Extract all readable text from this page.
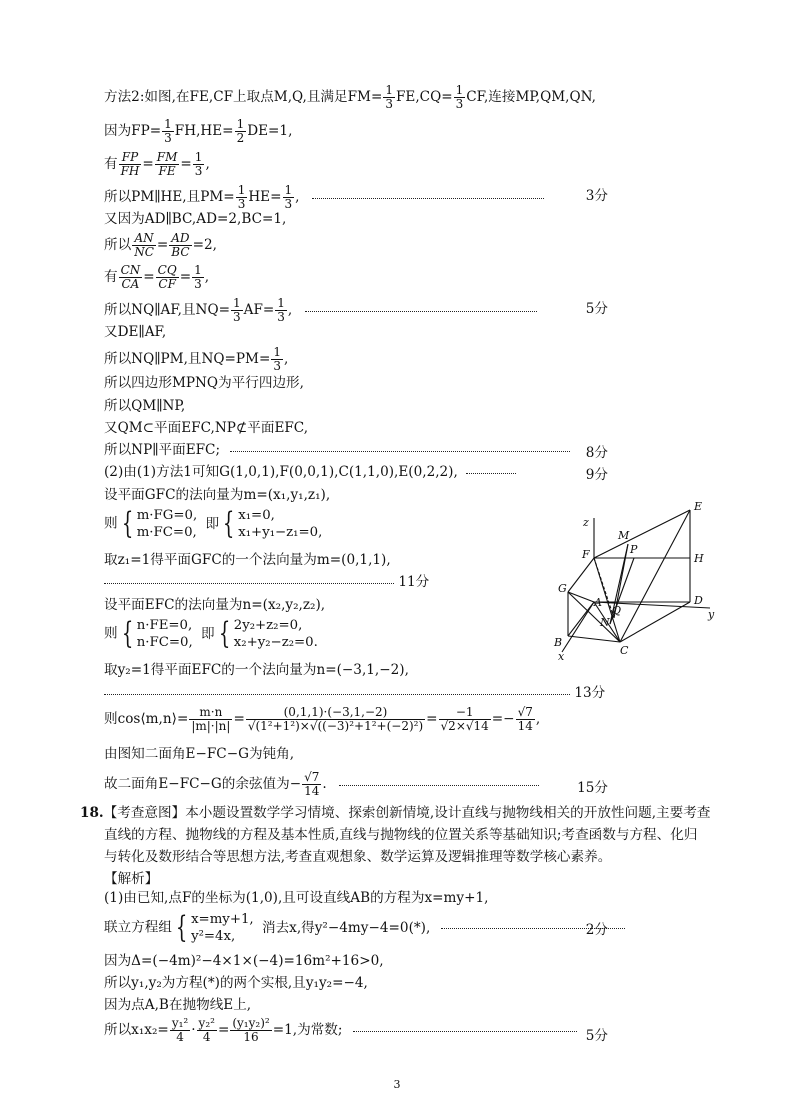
方法2:如图,在FE,CF上取点M,Q,且满足$FM= \frac{1}{3} FE,CQ= \frac{1}{3}$ CF,连接MP,QM,QN,
因为$FP= \frac{1}{3} FH,HE= \frac{1}{2} DE=1$,
有 $\frac{FP}{FH} = \frac{FM}{FE} = \frac{1}{3}$ ,
所以PM∥HE,且$PM= \frac{1}{3} HE= \frac{1}{3}$ ,	3分
又因为AD∥BC,AD=2,BC=1,
所以 $\frac{AN}{NC} = \frac{AD}{BC} =2$,
有 $\frac{CN}{CA} = \frac{CQ}{CF} = \frac{1}{3}$ ,
所以NQ∥AF,且$NQ= \frac{1}{3} AF= \frac{1}{3}$ ,	5分
又DE∥AF,
所以NQ∥PM,且$NQ=PM= \frac{1}{3}$ ,
所以四边形MPNQ为平行四边形,
所以QM∥NP,
又QM⊂平面EFC,NP⊄平面EFC,
所以NP∥平面EFC;	8分
(2)由(1)方法1可知G(1,0,1),F(0,0,1),C(1,1,0),E(0,2,2),	9分
设平面GFC的法向量为m=(x₁,y₁,z₁),
则 { m·FG=0,
m·FC=0,
即 { x₁=0,
x₁+y₁−z₁=0,
取z₁=1得平面GFC的一个法向量为m=(0,1,1),
11分
设平面EFC的法向量为n=(x₂,y₂,z₂),
则 { n·FE=0,
n·FC=0,
即 { 2y₂+z₂=0,
x₂+y₂−z₂=0.
取y₂=1得平面EFC的一个法向量为n=(−3,1,−2),
13分
则cos⟨m,n⟩= $\frac{m\cdot n}{|m|\cdot|n|} = \frac{(0,1,1)\cdot(-3,1,-2)}{\text{√(1²+1²)×√((−3)²+1²+(−2)²)}} = \frac{-1}{√2\times√14} =- \frac{√7}{14}$ ,
由图知二面角E−FC−G为钝角,
故二面角E−FC−G的余弦值为− $\frac{√7}{14}$ .	15分
18.【考查意图】本小题设置数学学习情境、探索创新情境,设计直线与抛物线相关的开放性问题,主要考查
直线的方程、抛物线的方程及基本性质,直线与抛物线的位置关系等基础知识;考查函数与方程、化归
与转化及数形结合等思想方法,考查直观想象、数学运算及逻辑推理等数学核心素养。
【解析】
(1)由已知,点F的坐标为(1,0),且可设直线AB的方程为x=my+1,
联立方程组 { x=my+1,
y²=4x,
消去x,得y²−4my−4=0(*),	2分
因为Δ=(−4m)²−4×1×(−4)=16m²+16>0,
所以y₁,y₂为方程(*)的两个实根,且y₁y₂=−4,
因为点A,B在抛物线E上,
所以$x_1x_2= \frac{\text{y₁²}}{4} \cdot \frac{\text{y₂²}}{4} = \frac{\text{(y₁y₂)²}}{16} =1$,为常数;	5分
3
E
M
P
z
F	H
G
A
Q
D
y
N
B
C
x
